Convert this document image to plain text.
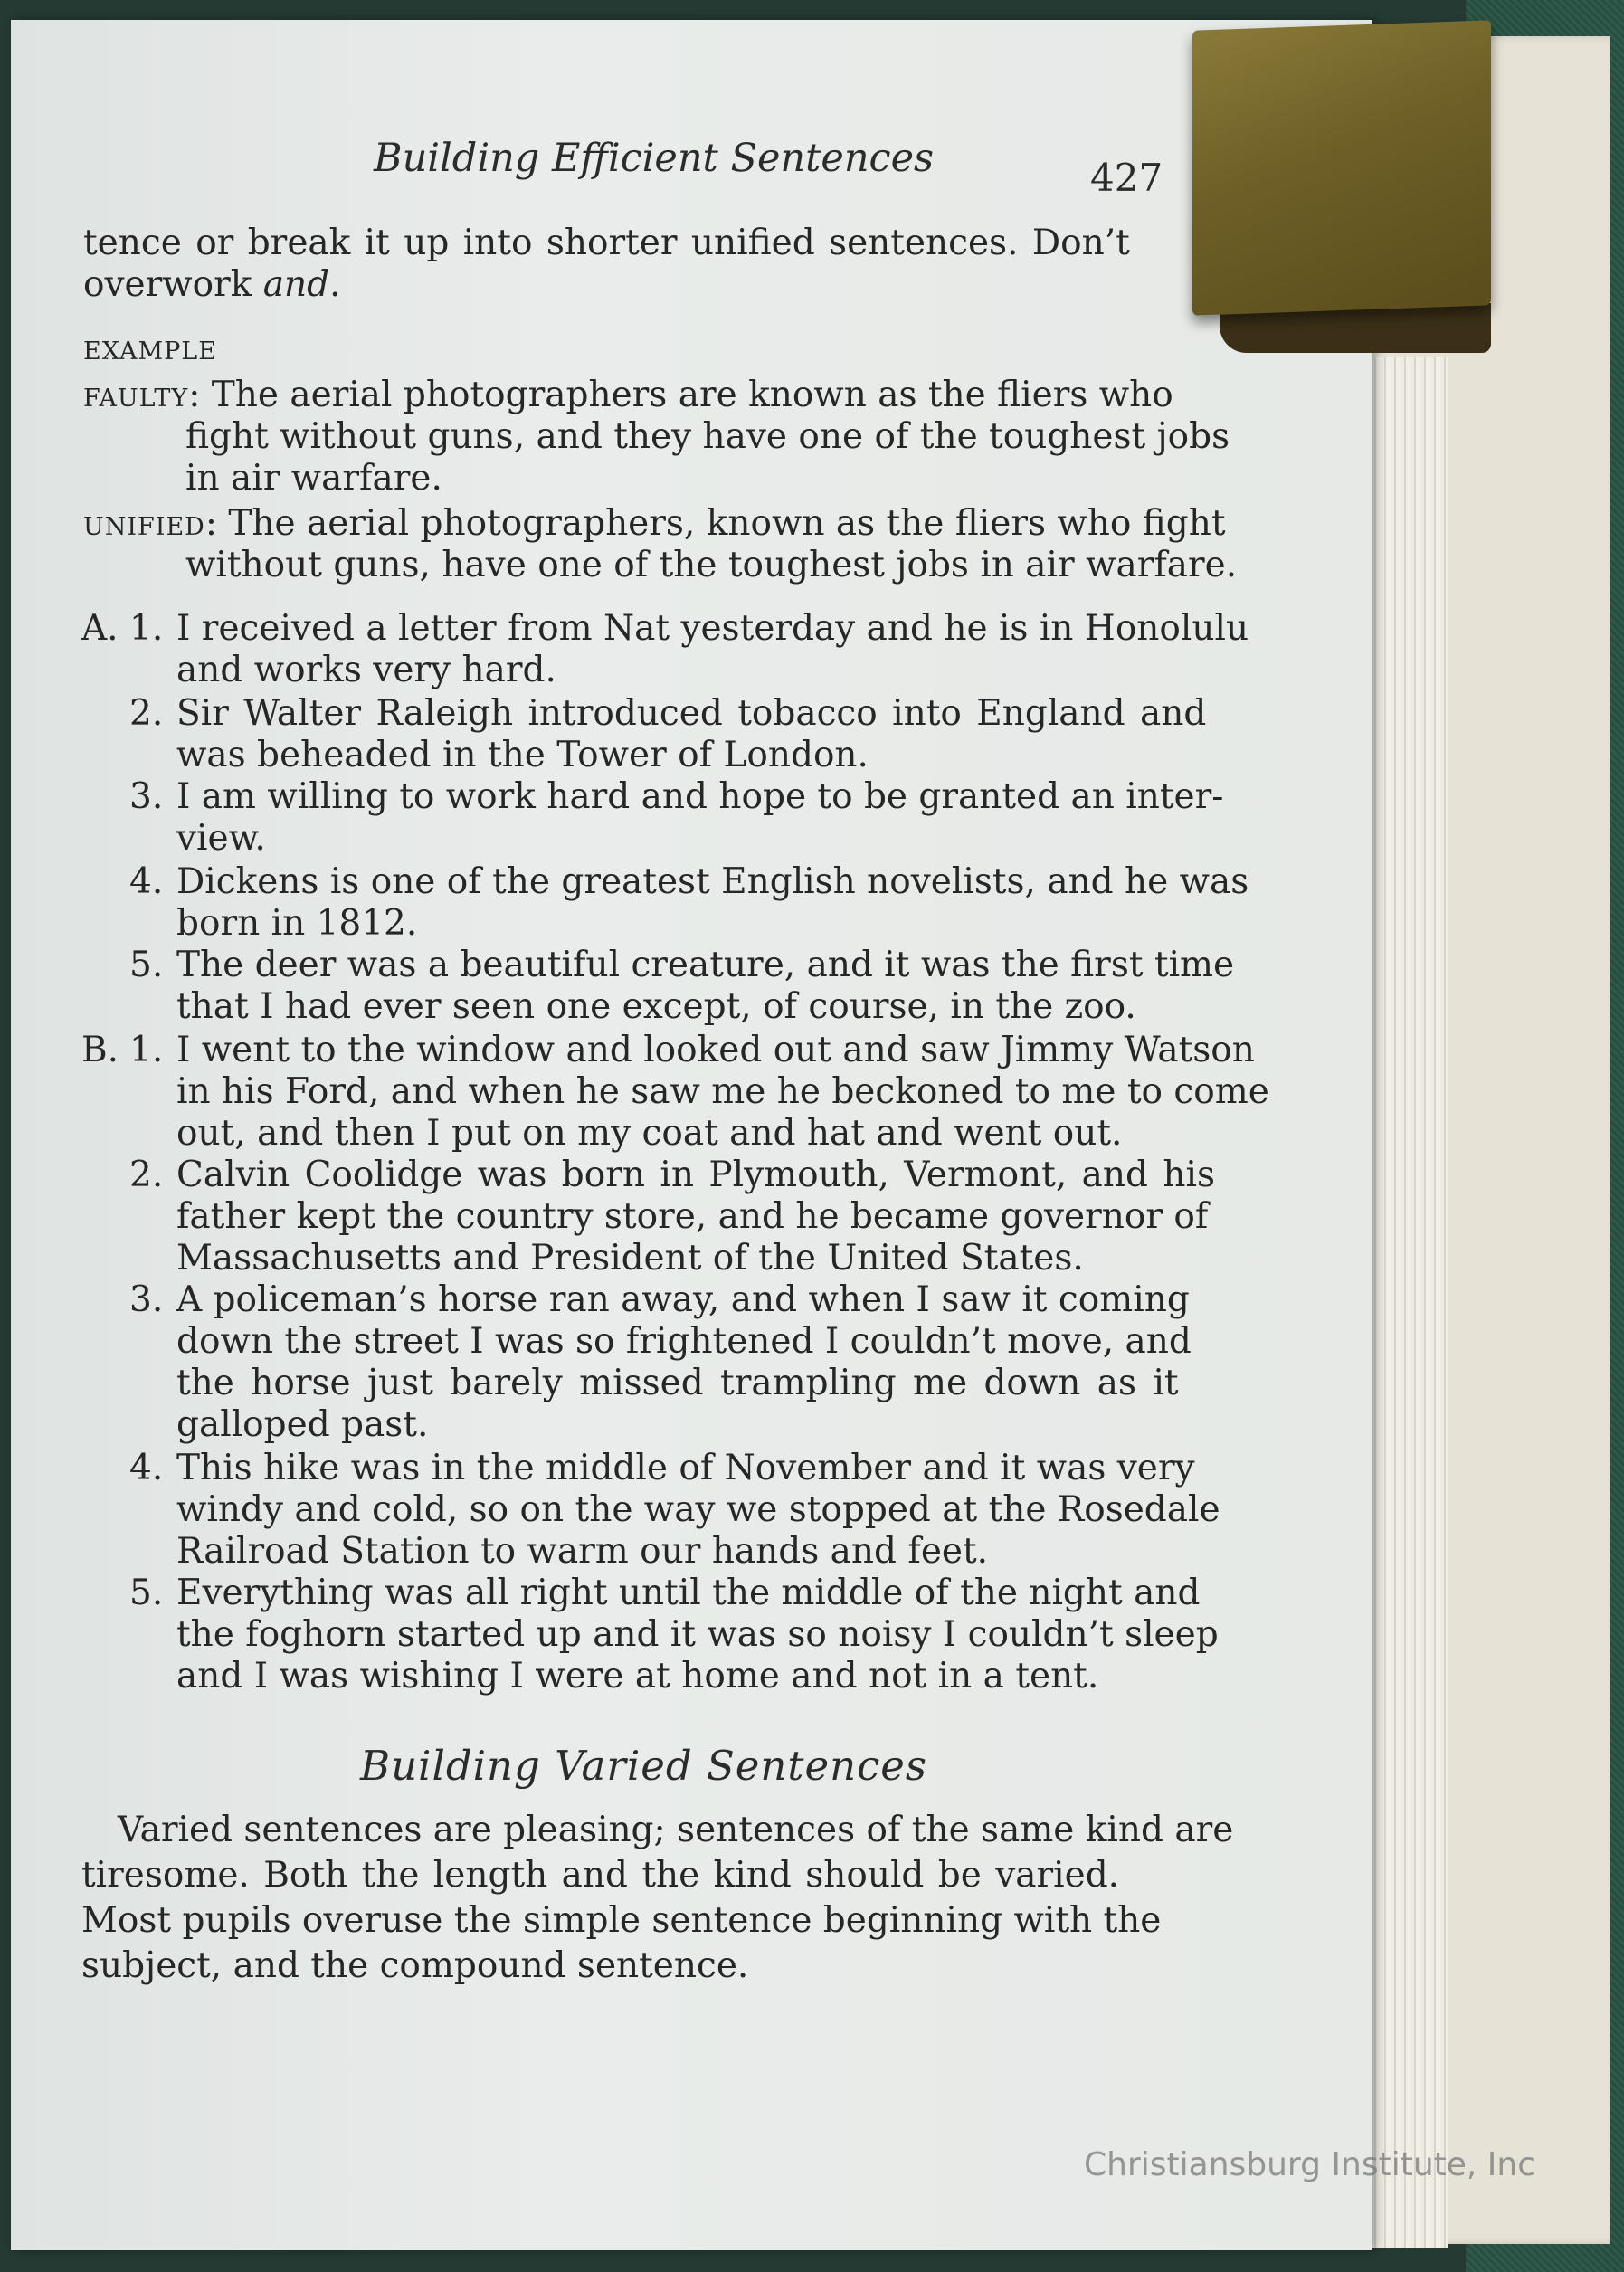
Building Efficient Sentences	427
tence or break it up into shorter unified sentences. Don’t
overwork and.
EXAMPLE
FAULTY: The aerial photographers are known as the fliers who
fight without guns, and they have one of the toughest jobs
in air warfare.
UNIFIED: The aerial photographers, known as the fliers who fight
without guns, have one of the toughest jobs in air warfare.
A. 1. I received a letter from Nat yesterday and he is in Honolulu
and works very hard.
2. Sir Walter Raleigh introduced tobacco into England and
was beheaded in the Tower of London.
3. I am willing to work hard and hope to be granted an inter-
view.
4. Dickens is one of the greatest English novelists, and he was
born in 1812.
5. The deer was a beautiful creature, and it was the first time
that I had ever seen one except, of course, in the zoo.
B. 1. I went to the window and looked out and saw Jimmy Watson
in his Ford, and when he saw me he beckoned to me to come
out, and then I put on my coat and hat and went out.
2. Calvin Coolidge was born in Plymouth, Vermont, and his
father kept the country store, and he became governor of
Massachusetts and President of the United States.
3. A policeman’s horse ran away, and when I saw it coming
down the street I was so frightened I couldn’t move, and
the horse just barely missed trampling me down as it
galloped past.
4. This hike was in the middle of November and it was very
windy and cold, so on the way we stopped at the Rosedale
Railroad Station to warm our hands and feet.
5. Everything was all right until the middle of the night and
the foghorn started up and it was so noisy I couldn’t sleep
and I was wishing I were at home and not in a tent.
Building Varied Sentences
Varied sentences are pleasing; sentences of the same kind are
tiresome. Both the length and the kind should be varied.
Most pupils overuse the simple sentence beginning with the
subject, and the compound sentence.
Christiansburg Institute, Inc
